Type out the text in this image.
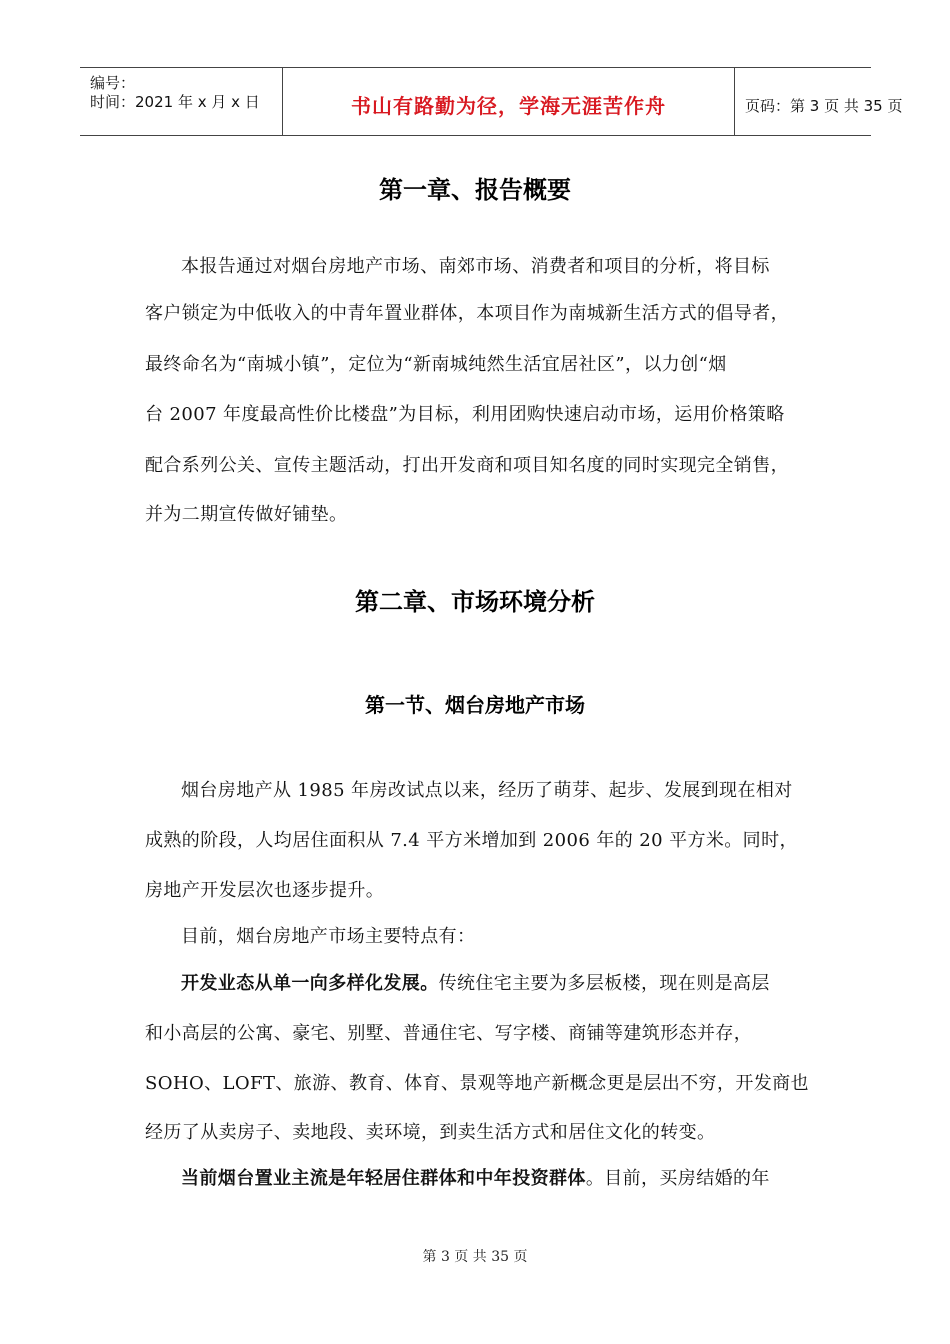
编号：
时间：2021 年 x 月 x 日	书山有路勤为径，学海无涯苦作舟	页码：第 3 页 共 35 页
第一章、报告概要
本报告通过对烟台房地产市场、南郊市场、消费者和项目的分析，将目标
客户锁定为中低收入的中青年置业群体，本项目作为南城新生活方式的倡导者，
最终命名为“南城小镇”，定位为“新南城纯然生活宜居社区”，以力创“烟
台 2007 年度最高性价比楼盘”为目标，利用团购快速启动市场，运用价格策略
配合系列公关、宣传主题活动，打出开发商和项目知名度的同时实现完全销售，
并为二期宣传做好铺垫。
第二章、市场环境分析
第一节、烟台房地产市场
烟台房地产从 1985 年房改试点以来，经历了萌芽、起步、发展到现在相对
成熟的阶段，人均居住面积从 7.4 平方米增加到 2006 年的 20 平方米。同时，
房地产开发层次也逐步提升。
目前，烟台房地产市场主要特点有：
开发业态从单一向多样化发展。传统住宅主要为多层板楼，现在则是高层
和小高层的公寓、豪宅、别墅、普通住宅、写字楼、商铺等建筑形态并存，
SOHO、LOFT、旅游、教育、体育、景观等地产新概念更是层出不穷，开发商也
经历了从卖房子、卖地段、卖环境，到卖生活方式和居住文化的转变。
当前烟台置业主流是年轻居住群体和中年投资群体。目前，买房结婚的年
第 3 页 共 35 页
